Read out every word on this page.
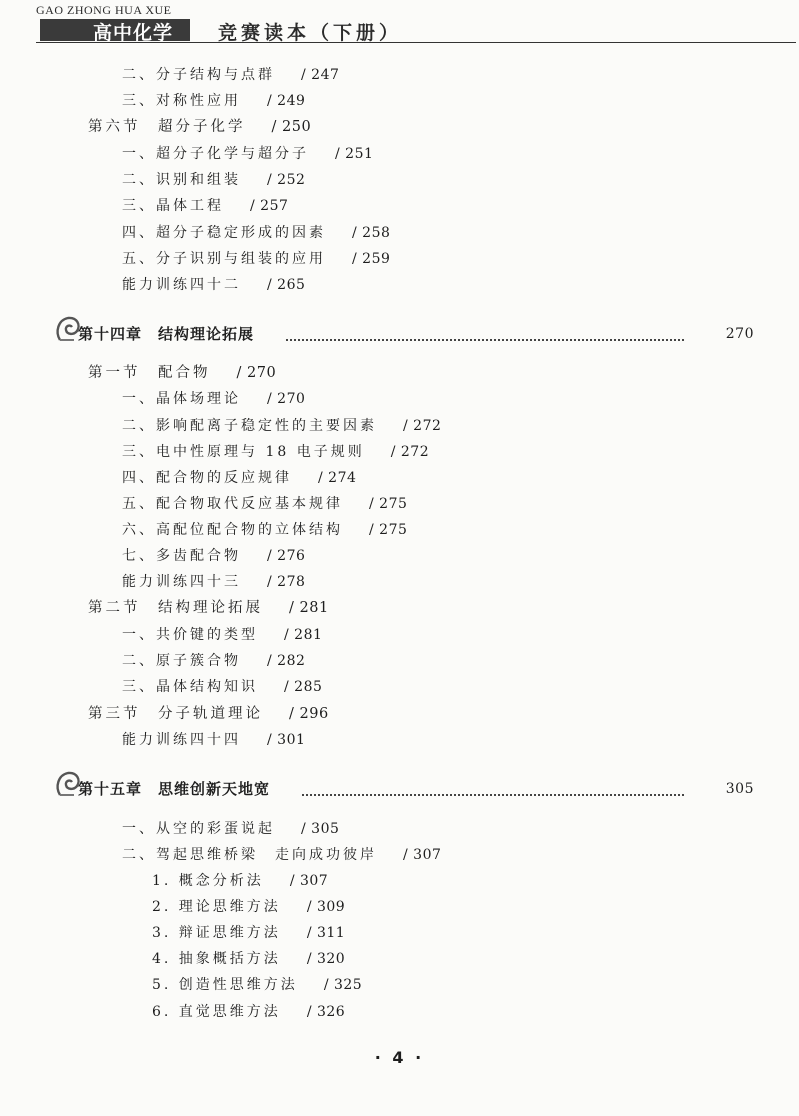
GAO ZHONG HUA XUE
高中化学 竞赛读本（下册）
二、分子结构与点群 / 247
三、对称性应用 / 249
第六节　超分子化学 / 250
一、超分子化学与超分子 / 251
二、识别和组装 / 252
三、晶体工程 / 257
四、超分子稳定形成的因素 / 258
五、分子识别与组装的应用 / 259
能力训练四十二 / 265
第十四章　结构理论拓展	270
第一节　配合物 / 270
一、晶体场理论 / 270
二、影响配离子稳定性的主要因素 / 272
三、电中性原理与 18 电子规则 / 272
四、配合物的反应规律 / 274
五、配合物取代反应基本规律 / 275
六、高配位配合物的立体结构 / 275
七、多齿配合物 / 276
能力训练四十三 / 278
第二节　结构理论拓展 / 281
一、共价键的类型 / 281
二、原子簇合物 / 282
三、晶体结构知识 / 285
第三节　分子轨道理论 / 296
能力训练四十四 / 301
第十五章　思维创新天地宽	305
一、从空的彩蛋说起 / 305
二、驾起思维桥梁　走向成功彼岸 / 307
1. 概念分析法 / 307
2. 理论思维方法 / 309
3. 辩证思维方法 / 311
4. 抽象概括方法 / 320
5. 创造性思维方法 / 325
6. 直觉思维方法 / 326
· 4 ·
